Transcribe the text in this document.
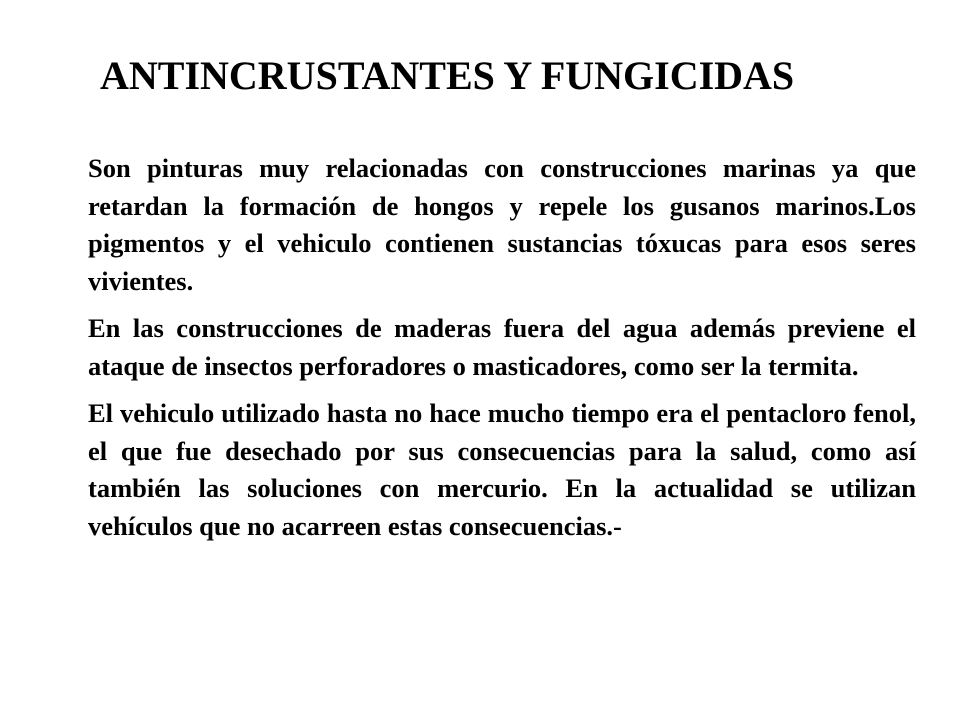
ANTINCRUSTANTES Y FUNGICIDAS

Son pinturas muy relacionadas con construcciones marinas ya que retardan la formación de hongos y repele los gusanos marinos.Los pigmentos y el vehiculo contienen sustancias tóxucas para esos seres vivientes.

En las construcciones de maderas fuera del agua además previene el ataque de insectos perforadores o masticadores, como ser la termita.

El vehiculo utilizado hasta no hace mucho tiempo era el pentacloro fenol, el que fue desechado por sus consecuencias para la salud, como así también las soluciones con mercurio. En la actualidad se utilizan vehículos que no acarreen estas consecuencias.-
